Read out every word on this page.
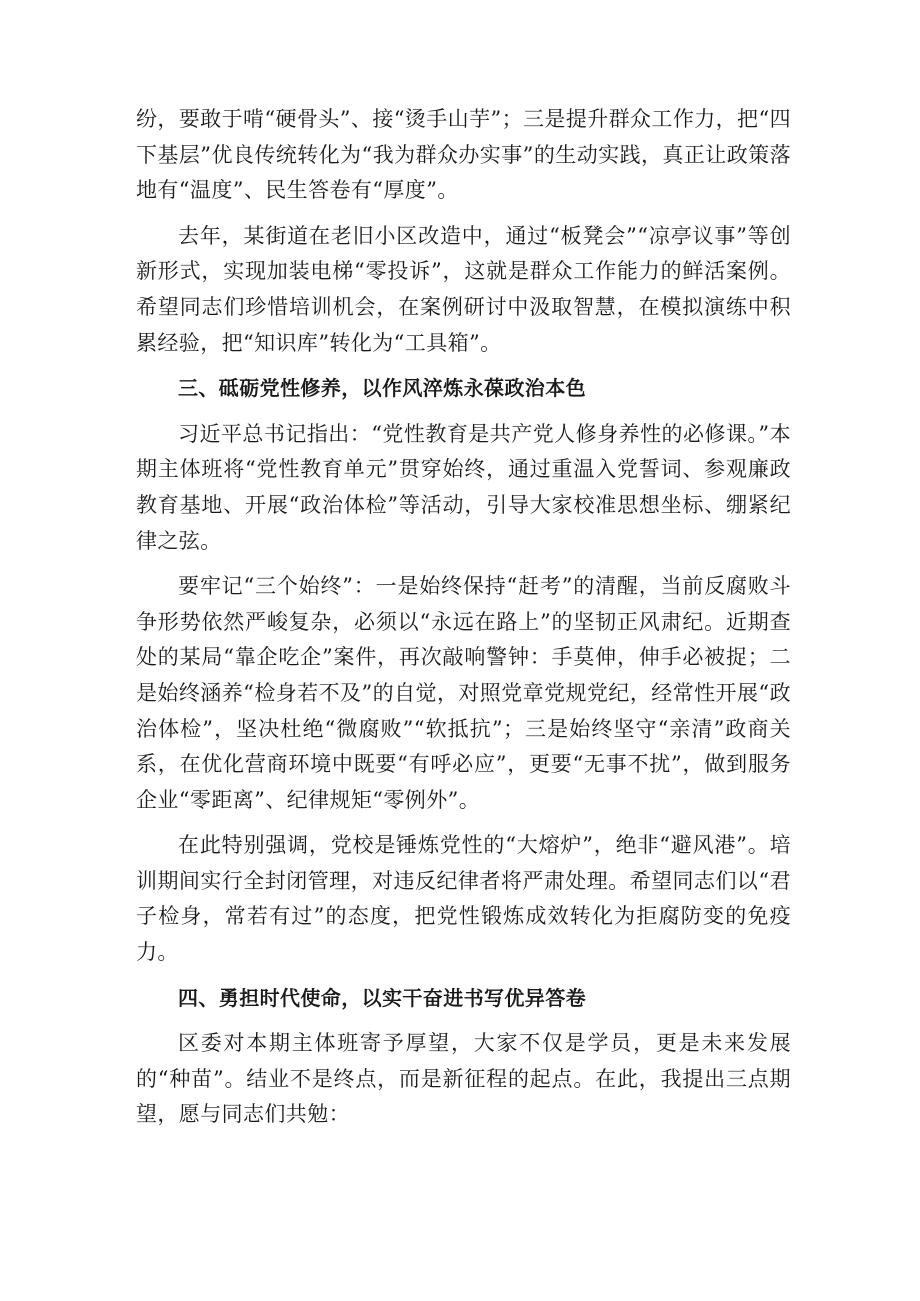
纷，要敢于啃“硬骨头”、接“烫手山芋”；三是提升群众工作力，把“四下基层”优良传统转化为“我为群众办实事”的生动实践，真正让政策落地有“温度”、民生答卷有“厚度”。

去年，某街道在老旧小区改造中，通过“板凳会”“凉亭议事”等创新形式，实现加装电梯“零投诉”，这就是群众工作能力的鲜活案例。希望同志们珍惜培训机会，在案例研讨中汲取智慧，在模拟演练中积累经验，把“知识库”转化为“工具箱”。

三、砥砺党性修养，以作风淬炼永葆政治本色

习近平总书记指出：“党性教育是共产党人修身养性的必修课。”本期主体班将“党性教育单元”贯穿始终，通过重温入党誓词、参观廉政教育基地、开展“政治体检”等活动，引导大家校准思想坐标、绷紧纪律之弦。

要牢记“三个始终”：一是始终保持“赶考”的清醒，当前反腐败斗争形势依然严峻复杂，必须以“永远在路上”的坚韧正风肃纪。近期查处的某局“靠企吃企”案件，再次敲响警钟：手莫伸，伸手必被捉；二是始终涵养“检身若不及”的自觉，对照党章党规党纪，经常性开展“政治体检”，坚决杜绝“微腐败”“软抵抗”；三是始终坚守“亲清”政商关系，在优化营商环境中既要“有呼必应”，更要“无事不扰”，做到服务企业“零距离”、纪律规矩“零例外”。

在此特别强调，党校是锤炼党性的“大熔炉”，绝非“避风港”。培训期间实行全封闭管理，对违反纪律者将严肃处理。希望同志们以“君子检身，常若有过”的态度，把党性锻炼成效转化为拒腐防变的免疫力。

四、勇担时代使命，以实干奋进书写优异答卷

区委对本期主体班寄予厚望，大家不仅是学员，更是未来发展的“种苗”。结业不是终点，而是新征程的起点。在此，我提出三点期望，愿与同志们共勉：
